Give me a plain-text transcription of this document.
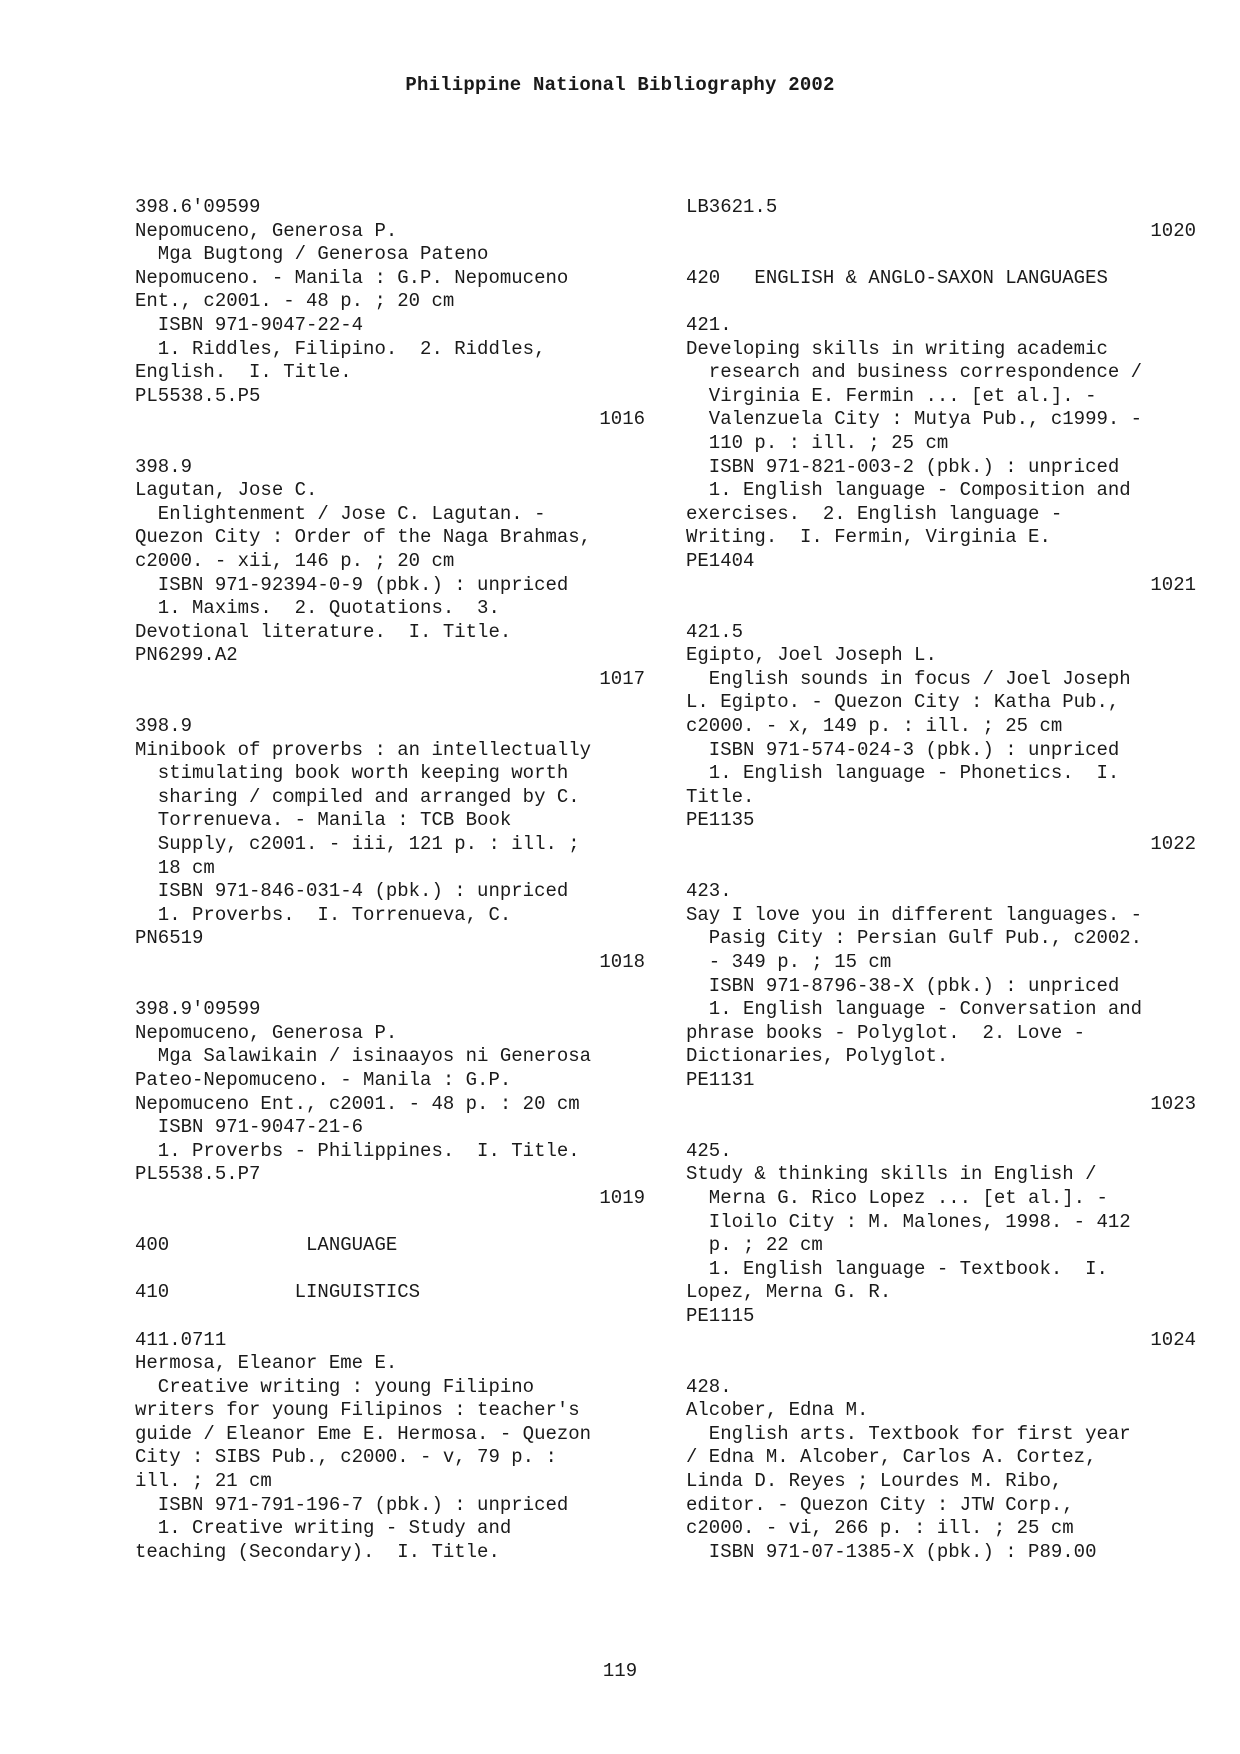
Philippine National Bibliography 2002
398.6'09599
Nepomuceno, Generosa P.
Mga Bugtong / Generosa Pateno
Nepomuceno. - Manila : G.P. Nepomuceno
Ent., c2001. - 48 p. ; 20 cm
ISBN 971-9047-22-4
1. Riddles, Filipino.  2. Riddles,
English.  I. Title.
PL5538.5.P5
1016
398.9
Lagutan, Jose C.
Enlightenment / Jose C. Lagutan. -
Quezon City : Order of the Naga Brahmas,
c2000. - xii, 146 p. ; 20 cm
ISBN 971-92394-0-9 (pbk.) : unpriced
1. Maxims.  2. Quotations.  3.
Devotional literature.  I. Title.
PN6299.A2
1017
398.9
Minibook of proverbs : an intellectually
stimulating book worth keeping worth
sharing / compiled and arranged by C.
Torrenueva. - Manila : TCB Book
Supply, c2001. - iii, 121 p. : ill. ;
18 cm
ISBN 971-846-031-4 (pbk.) : unpriced
1. Proverbs.  I. Torrenueva, C.
PN6519
1018
398.9'09599
Nepomuceno, Generosa P.
Mga Salawikain / isinaayos ni Generosa
Pateo-Nepomuceno. - Manila : G.P.
Nepomuceno Ent., c2001. - 48 p. : 20 cm
ISBN 971-9047-21-6
1. Proverbs - Philippines.  I. Title.
PL5538.5.P7
1019
400            LANGUAGE
410           LINGUISTICS
411.0711
Hermosa, Eleanor Eme E.
Creative writing : young Filipino
writers for young Filipinos : teacher's
guide / Eleanor Eme E. Hermosa. - Quezon
City : SIBS Pub., c2000. - v, 79 p. :
ill. ; 21 cm
ISBN 971-791-196-7 (pbk.) : unpriced
1. Creative writing - Study and
teaching (Secondary).  I. Title.
LB3621.5
1020
420   ENGLISH & ANGLO-SAXON LANGUAGES
421.
Developing skills in writing academic
research and business correspondence /
Virginia E. Fermin ... [et al.]. -
Valenzuela City : Mutya Pub., c1999. -
110 p. : ill. ; 25 cm
ISBN 971-821-003-2 (pbk.) : unpriced
1. English language - Composition and
exercises.  2. English language -
Writing.  I. Fermin, Virginia E.
PE1404
1021
421.5
Egipto, Joel Joseph L.
English sounds in focus / Joel Joseph
L. Egipto. - Quezon City : Katha Pub.,
c2000. - x, 149 p. : ill. ; 25 cm
ISBN 971-574-024-3 (pbk.) : unpriced
1. English language - Phonetics.  I.
Title.
PE1135
1022
423.
Say I love you in different languages. -
Pasig City : Persian Gulf Pub., c2002.
- 349 p. ; 15 cm
ISBN 971-8796-38-X (pbk.) : unpriced
1. English language - Conversation and
phrase books - Polyglot.  2. Love -
Dictionaries, Polyglot.
PE1131
1023
425.
Study & thinking skills in English /
Merna G. Rico Lopez ... [et al.]. -
Iloilo City : M. Malones, 1998. - 412
p. ; 22 cm
1. English language - Textbook.  I.
Lopez, Merna G. R.
PE1115
1024
428.
Alcober, Edna M.
English arts. Textbook for first year
/ Edna M. Alcober, Carlos A. Cortez,
Linda D. Reyes ; Lourdes M. Ribo,
editor. - Quezon City : JTW Corp.,
c2000. - vi, 266 p. : ill. ; 25 cm
ISBN 971-07-1385-X (pbk.) : P89.00
119
